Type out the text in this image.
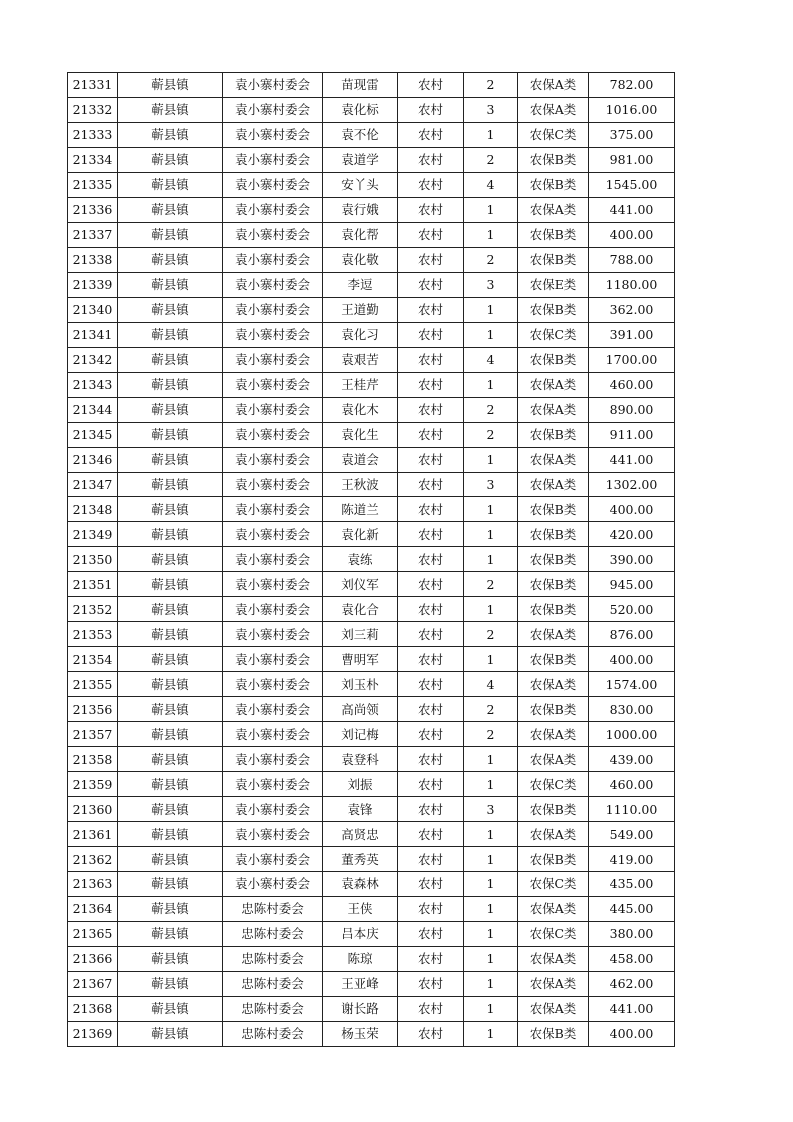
21331	蕲县镇	袁小寨村委会	苗现雷	农村	2	农保A类	782.00
21332	蕲县镇	袁小寨村委会	袁化标	农村	3	农保A类	1016.00
21333	蕲县镇	袁小寨村委会	袁不伦	农村	1	农保C类	375.00
21334	蕲县镇	袁小寨村委会	袁道学	农村	2	农保B类	981.00
21335	蕲县镇	袁小寨村委会	安丫头	农村	4	农保B类	1545.00
21336	蕲县镇	袁小寨村委会	袁行娥	农村	1	农保A类	441.00
21337	蕲县镇	袁小寨村委会	袁化帮	农村	1	农保B类	400.00
21338	蕲县镇	袁小寨村委会	袁化敬	农村	2	农保B类	788.00
21339	蕲县镇	袁小寨村委会	李逗	农村	3	农保E类	1180.00
21340	蕲县镇	袁小寨村委会	王道勤	农村	1	农保B类	362.00
21341	蕲县镇	袁小寨村委会	袁化习	农村	1	农保C类	391.00
21342	蕲县镇	袁小寨村委会	袁艰苦	农村	4	农保B类	1700.00
21343	蕲县镇	袁小寨村委会	王桂芹	农村	1	农保A类	460.00
21344	蕲县镇	袁小寨村委会	袁化木	农村	2	农保A类	890.00
21345	蕲县镇	袁小寨村委会	袁化生	农村	2	农保B类	911.00
21346	蕲县镇	袁小寨村委会	袁道会	农村	1	农保A类	441.00
21347	蕲县镇	袁小寨村委会	王秋波	农村	3	农保A类	1302.00
21348	蕲县镇	袁小寨村委会	陈道兰	农村	1	农保B类	400.00
21349	蕲县镇	袁小寨村委会	袁化新	农村	1	农保B类	420.00
21350	蕲县镇	袁小寨村委会	袁练	农村	1	农保B类	390.00
21351	蕲县镇	袁小寨村委会	刘仪军	农村	2	农保B类	945.00
21352	蕲县镇	袁小寨村委会	袁化合	农村	1	农保B类	520.00
21353	蕲县镇	袁小寨村委会	刘三莉	农村	2	农保A类	876.00
21354	蕲县镇	袁小寨村委会	曹明军	农村	1	农保B类	400.00
21355	蕲县镇	袁小寨村委会	刘玉朴	农村	4	农保A类	1574.00
21356	蕲县镇	袁小寨村委会	高尚领	农村	2	农保B类	830.00
21357	蕲县镇	袁小寨村委会	刘记梅	农村	2	农保A类	1000.00
21358	蕲县镇	袁小寨村委会	袁登科	农村	1	农保A类	439.00
21359	蕲县镇	袁小寨村委会	刘振	农村	1	农保C类	460.00
21360	蕲县镇	袁小寨村委会	袁锋	农村	3	农保B类	1110.00
21361	蕲县镇	袁小寨村委会	高贤忠	农村	1	农保A类	549.00
21362	蕲县镇	袁小寨村委会	董秀英	农村	1	农保B类	419.00
21363	蕲县镇	袁小寨村委会	袁森林	农村	1	农保C类	435.00
21364	蕲县镇	忠陈村委会	王侠	农村	1	农保A类	445.00
21365	蕲县镇	忠陈村委会	吕本庆	农村	1	农保C类	380.00
21366	蕲县镇	忠陈村委会	陈琼	农村	1	农保A类	458.00
21367	蕲县镇	忠陈村委会	王亚峰	农村	1	农保A类	462.00
21368	蕲县镇	忠陈村委会	谢长路	农村	1	农保A类	441.00
21369	蕲县镇	忠陈村委会	杨玉荣	农村	1	农保B类	400.00
